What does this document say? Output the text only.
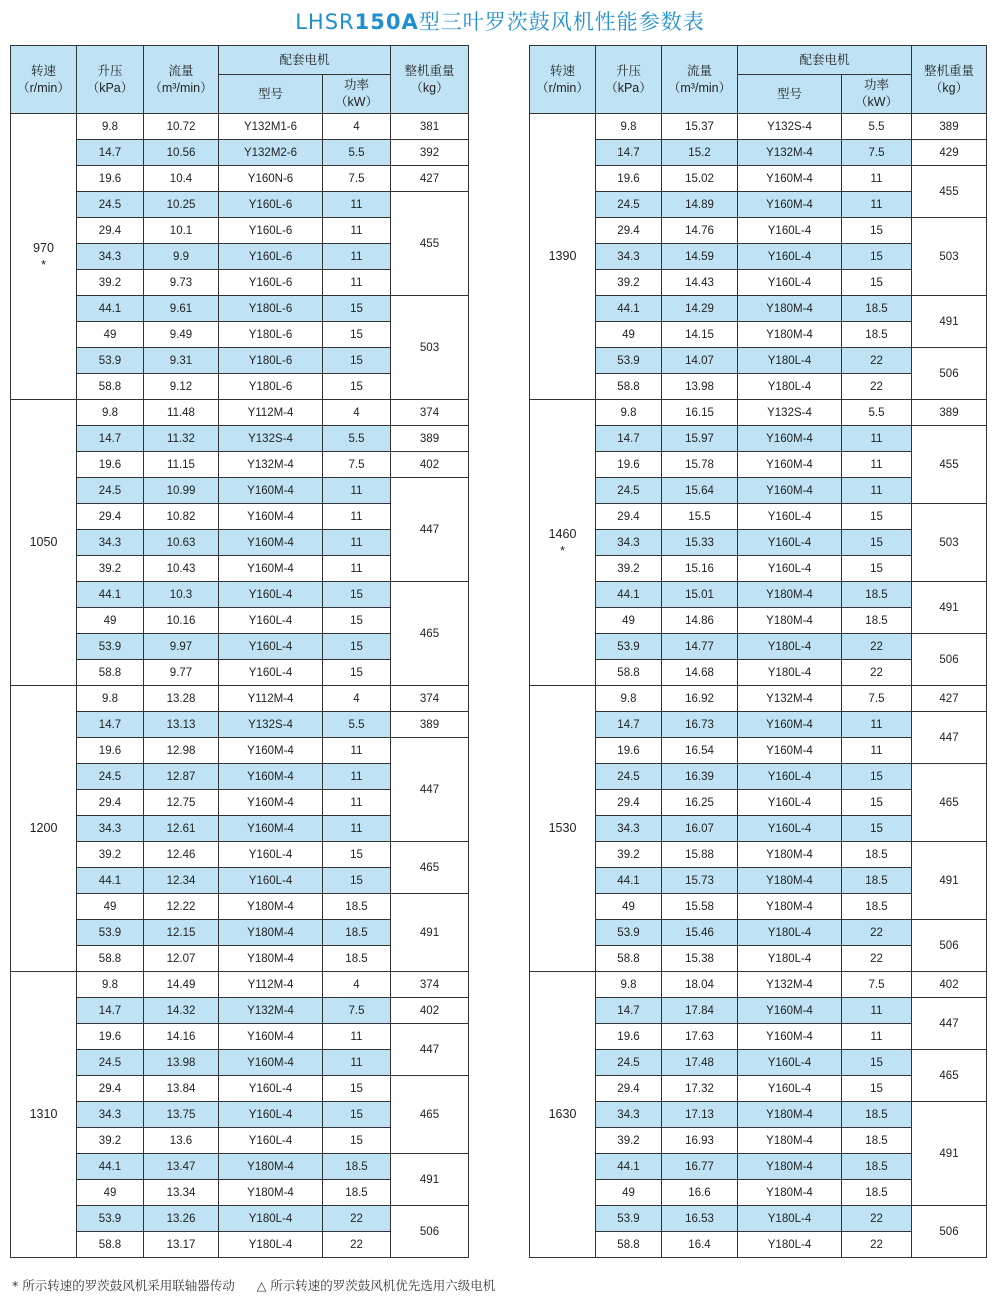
LHSR150A型三叶罗茨鼓风机性能参数表
转速
（r/min）	升压
（kPa）	流量
（m³/min）	配套电机		整机重量
（kg）
			型号	功率
（kW）	
970
*	9.8	10.72	Y132M1-6	4	381
	14.7	10.56	Y132M2-6	5.5	392
	19.6	10.4	Y160N-6	7.5	427
	24.5	10.25	Y160L-6	11	455
	29.4	10.1	Y160L-6	11	
	34.3	9.9	Y160L-6	11	
	39.2	9.73	Y160L-6	11	
	44.1	9.61	Y180L-6	15	503
	49	9.49	Y180L-6	15	
	53.9	9.31	Y180L-6	15	
	58.8	9.12	Y180L-6	15	
1050	9.8	11.48	Y112M-4	4	374
	14.7	11.32	Y132S-4	5.5	389
	19.6	11.15	Y132M-4	7.5	402
	24.5	10.99	Y160M-4	11	447
	29.4	10.82	Y160M-4	11	
	34.3	10.63	Y160M-4	11	
	39.2	10.43	Y160M-4	11	
	44.1	10.3	Y160L-4	15	465
	49	10.16	Y160L-4	15	
	53.9	9.97	Y160L-4	15	
	58.8	9.77	Y160L-4	15	
1200	9.8	13.28	Y112M-4	4	374
	14.7	13.13	Y132S-4	5.5	389
	19.6	12.98	Y160M-4	11	447
	24.5	12.87	Y160M-4	11	
	29.4	12.75	Y160M-4	11	
	34.3	12.61	Y160M-4	11	
	39.2	12.46	Y160L-4	15	465
	44.1	12.34	Y160L-4	15	
	49	12.22	Y180M-4	18.5	491
	53.9	12.15	Y180M-4	18.5	
	58.8	12.07	Y180M-4	18.5	
1310	9.8	14.49	Y112M-4	4	374
	14.7	14.32	Y132M-4	7.5	402
	19.6	14.16	Y160M-4	11	447
	24.5	13.98	Y160M-4	11	
	29.4	13.84	Y160L-4	15	465
	34.3	13.75	Y160L-4	15	
	39.2	13.6	Y160L-4	15	
	44.1	13.47	Y180M-4	18.5	491
	49	13.34	Y180M-4	18.5	
	53.9	13.26	Y180L-4	22	506
	58.8	13.17	Y180L-4	22	
转速
（r/min）	升压
（kPa）	流量
（m³/min）	配套电机		整机重量
（kg）
			型号	功率
（kW）	
1390	9.8	15.37	Y132S-4	5.5	389
	14.7	15.2	Y132M-4	7.5	429
	19.6	15.02	Y160M-4	11	455
	24.5	14.89	Y160M-4	11	
	29.4	14.76	Y160L-4	15	503
	34.3	14.59	Y160L-4	15	
	39.2	14.43	Y160L-4	15	
	44.1	14.29	Y180M-4	18.5	491
	49	14.15	Y180M-4	18.5	
	53.9	14.07	Y180L-4	22	506
	58.8	13.98	Y180L-4	22	
1460
*	9.8	16.15	Y132S-4	5.5	389
	14.7	15.97	Y160M-4	11	455
	19.6	15.78	Y160M-4	11	
	24.5	15.64	Y160M-4	11	
	29.4	15.5	Y160L-4	15	503
	34.3	15.33	Y160L-4	15	
	39.2	15.16	Y160L-4	15	
	44.1	15.01	Y180M-4	18.5	491
	49	14.86	Y180M-4	18.5	
	53.9	14.77	Y180L-4	22	506
	58.8	14.68	Y180L-4	22	
1530	9.8	16.92	Y132M-4	7.5	427
	14.7	16.73	Y160M-4	11	447
	19.6	16.54	Y160M-4	11	
	24.5	16.39	Y160L-4	15	465
	29.4	16.25	Y160L-4	15	
	34.3	16.07	Y160L-4	15	
	39.2	15.88	Y180M-4	18.5	491
	44.1	15.73	Y180M-4	18.5	
	49	15.58	Y180M-4	18.5	
	53.9	15.46	Y180L-4	22	506
	58.8	15.38	Y180L-4	22	
1630	9.8	18.04	Y132M-4	7.5	402
	14.7	17.84	Y160M-4	11	447
	19.6	17.63	Y160M-4	11	
	24.5	17.48	Y160L-4	15	465
	29.4	17.32	Y160L-4	15	
	34.3	17.13	Y180M-4	18.5	491
	39.2	16.93	Y180M-4	18.5	
	44.1	16.77	Y180M-4	18.5	
	49	16.6	Y180M-4	18.5	
	53.9	16.53	Y180L-4	22	506
	58.8	16.4	Y180L-4	22	
* 所示转速的罗茨鼓风机采用联轴器传动 △ 所示转速的罗茨鼓风机优先选用六级电机
